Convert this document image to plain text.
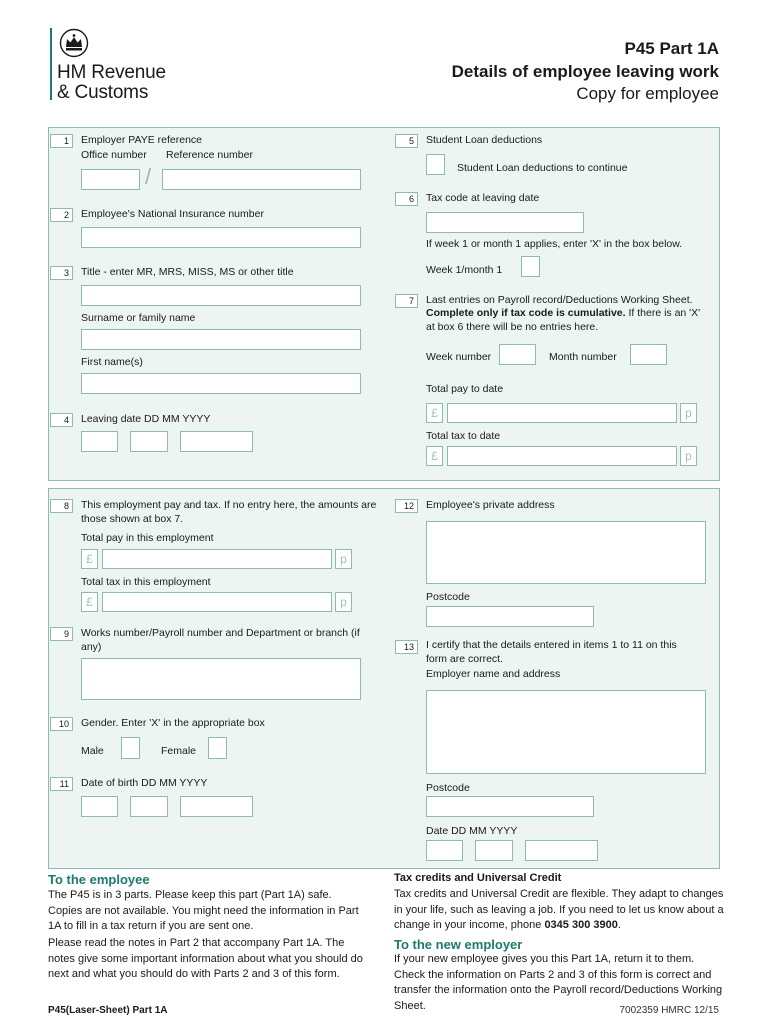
HM Revenue
& Customs
P45 Part 1A
Details of employee leaving work
Copy for employee
1	Employer PAYE reference
Office number Reference number
/
2	Employee's National Insurance number
3	Title - enter MR, MRS, MISS, MS or other title
Surname or family name
First name(s)
4	Leaving date DD MM YYYY
5	Student Loan deductions
Student Loan deductions to continue
6	Tax code at leaving date
If week 1 or month 1 applies, enter 'X' in the box below.
Week 1/month 1
7	Last entries on Payroll record/Deductions Working Sheet.
Complete only if tax code is cumulative. If there is an 'X' at box 6 there will be no entries here.
Week number	Month number
Total pay to date
£	p
Total tax to date
£	p
8	This employment pay and tax. If no entry here, the amounts are those shown at box 7.
Total pay in this employment
£	p
Total tax in this employment
£	p
9	Works number/Payroll number and Department or branch (if any)
10	Gender. Enter 'X' in the appropriate box
Male	Female
11	Date of birth DD MM YYYY
12	Employee's private address
Postcode
13	I certify that the details entered in items 1 to 11 on this form are correct.
Employer name and address
Postcode
Date DD MM YYYY
To the employee
The P45 is in 3 parts. Please keep this part (Part 1A) safe. Copies are not available. You might need the information in Part 1A to fill in a tax return if you are sent one.
Please read the notes in Part 2 that accompany Part 1A. The notes give some important information about what you should do next and what you should do with Parts 2 and 3 of this form.
Tax credits and Universal Credit
Tax credits and Universal Credit are flexible. They adapt to changes in your life, such as leaving a job. If you need to let us know about a change in your income, phone 0345 300 3900.
To the new employer
If your new employee gives you this Part 1A, return it to them. Check the information on Parts 2 and 3 of this form is correct and transfer the information onto the Payroll record/Deductions Working Sheet.
P45(Laser-Sheet) Part 1A	7002359 HMRC 12/15
